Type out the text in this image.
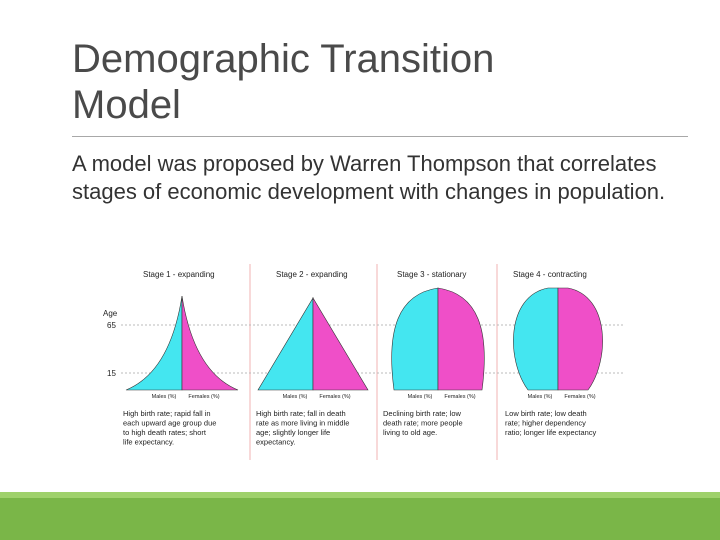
Demographic Transition
Model
A model was proposed by Warren Thompson that correlates stages of economic development with changes in population.
Age
65
15
Stage 1 - expanding
Males (%) Females (%)
High birth rate; rapid fall in
each upward age group due
to high death rates; short
life expectancy.
Stage 2 - expanding
Males (%) Females (%)
High birth rate; fall in death
rate as more living in middle
age; slightly longer life
expectancy.
Stage 3 - stationary
Males (%) Females (%)
Declining birth rate; low
death rate; more people
living to old age.
Stage 4 - contracting
Males (%) Females (%)
Low birth rate; low death
rate; higher dependency
ratio; longer life expectancy
